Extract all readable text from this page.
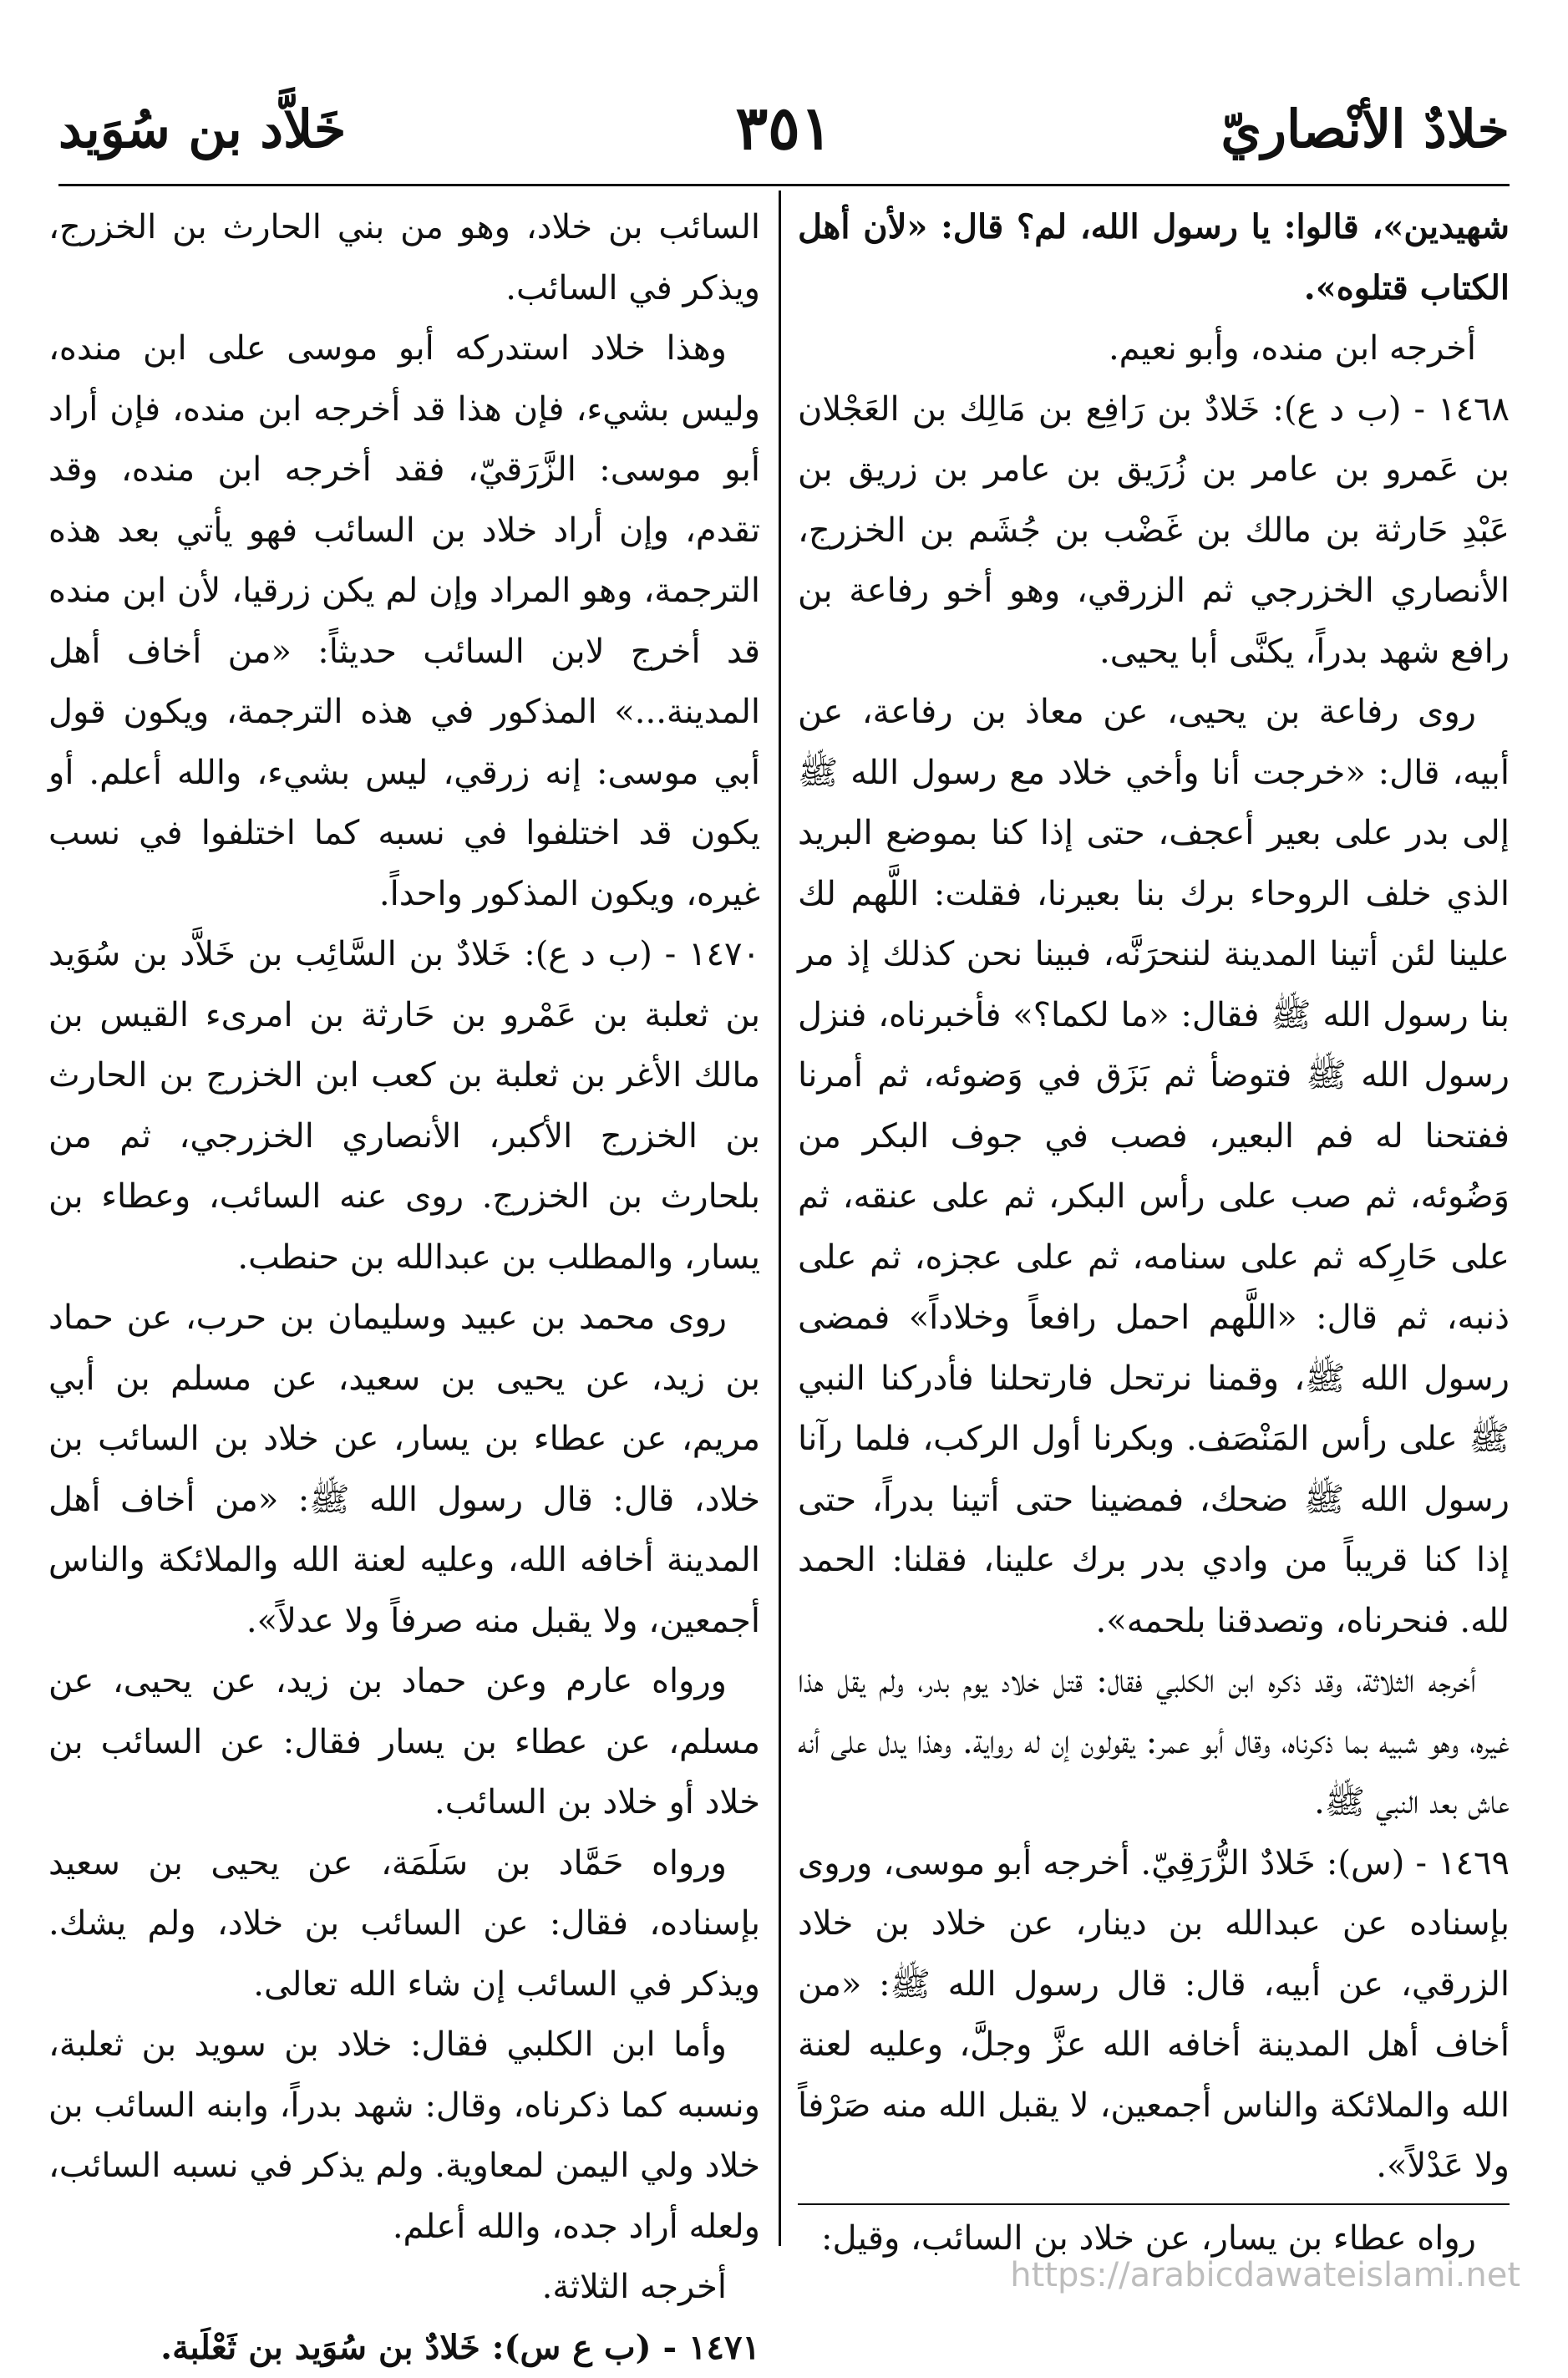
خلادٌ الأنْصاريّ
٣٥١
خَلاَّد بن سُوَيد

شهيدين»، قالوا: يا رسول الله، لم؟ قال: «لأن أهل الكتاب قتلوه».

أخرجه ابن منده، وأبو نعيم.

١٤٦٨ - (ب د ع): خَلادٌ بن رَافِع بن مَالِك بن العَجْلان بن عَمرو بن عامر بن زُرَيق بن عامر بن زريق بن عَبْدِ حَارثة بن مالك بن غَضْب بن جُشَم بن الخزرج، الأنصاري الخزرجي ثم الزرقي، وهو أخو رفاعة بن رافع شهد بدراً، يكنَّى أبا يحيى.

روى رفاعة بن يحيى، عن معاذ بن رفاعة، عن أبيه، قال: «خرجت أنا وأخي خلاد مع رسول الله ﷺ إلى بدر على بعير أعجف، حتى إذا كنا بموضع البريد الذي خلف الروحاء برك بنا بعيرنا، فقلت: اللَّهم لك علينا لئن أتينا المدينة لننحرَنَّه، فبينا نحن كذلك إذ مر بنا رسول الله ﷺ فقال: «ما لكما؟» فأخبرناه، فنزل رسول الله ﷺ فتوضأ ثم بَزَق في وَضوئه، ثم أمرنا ففتحنا له فم البعير، فصب في جوف البكر من وَضُوئه، ثم صب على رأس البكر، ثم على عنقه، ثم على حَارِكه ثم على سنامه، ثم على عجزه، ثم على ذنبه، ثم قال: «اللَّهم احمل رافعاً وخلاداً» فمضى رسول الله ﷺ، وقمنا نرتحل فارتحلنا فأدركنا النبي ﷺ على رأس المَنْصَف. وبكرنا أول الركب، فلما رآنا رسول الله ﷺ ضحك، فمضينا حتى أتينا بدراً، حتى إذا كنا قريباً من وادي بدر برك علينا، فقلنا: الحمد لله. فنحرناه، وتصدقنا بلحمه».

أخرجه الثلاثة، وقد ذكره ابن الكلبي فقال: قتل خلاد يوم بدر، ولم يقل هذا غيره، وهو شبيه بما ذكرناه، وقال أبو عمر: يقولون إن له رواية. وهذا يدل على أنه عاش بعد النبي ﷺ.

١٤٦٩ - (س): خَلادٌ الزُّرَقِيّ. أخرجه أبو موسى، وروى بإسناده عن عبدالله بن دينار، عن خلاد بن خلاد الزرقي، عن أبيه، قال: قال رسول الله ﷺ: «من أخاف أهل المدينة أخافه الله عزَّ وجلَّ، وعليه لعنة الله والملائكة والناس أجمعين، لا يقبل الله منه صَرْفاً ولا عَدْلاً».

رواه عطاء بن يسار، عن خلاد بن السائب، وقيل:

السائب بن خلاد، وهو من بني الحارث بن الخزرج، ويذكر في السائب.

وهذا خلاد استدركه أبو موسى على ابن منده، وليس بشيء، فإن هذا قد أخرجه ابن منده، فإن أراد أبو موسى: الزَّرَقيّ، فقد أخرجه ابن منده، وقد تقدم، وإن أراد خلاد بن السائب فهو يأتي بعد هذه الترجمة، وهو المراد وإن لم يكن زرقيا، لأن ابن منده قد أخرج لابن السائب حديثاً: «من أخاف أهل المدينة...» المذكور في هذه الترجمة، ويكون قول أبي موسى: إنه زرقي، ليس بشيء، والله أعلم. أو يكون قد اختلفوا في نسبه كما اختلفوا في نسب غيره، ويكون المذكور واحداً.

١٤٧٠ - (ب د ع): خَلادٌ بن السَّائِب بن خَلاَّد بن سُوَيد بن ثعلبة بن عَمْرو بن حَارثة بن امرىء القيس بن مالك الأغر بن ثعلبة بن كعب ابن الخزرج بن الحارث بن الخزرج الأكبر، الأنصاري الخزرجي، ثم من بلحارث بن الخزرج. روى عنه السائب، وعطاء بن يسار، والمطلب بن عبدالله بن حنطب.

روى محمد بن عبيد وسليمان بن حرب، عن حماد بن زيد، عن يحيى بن سعيد، عن مسلم بن أبي مريم، عن عطاء بن يسار، عن خلاد بن السائب بن خلاد، قال: قال رسول الله ﷺ: «من أخاف أهل المدينة أخافه الله، وعليه لعنة الله والملائكة والناس أجمعين، ولا يقبل منه صرفاً ولا عدلاً».

ورواه عارم وعن حماد بن زيد، عن يحيى، عن مسلم، عن عطاء بن يسار فقال: عن السائب بن خلاد أو خلاد بن السائب.

ورواه حَمَّاد بن سَلَمَة، عن يحيى بن سعيد بإسناده، فقال: عن السائب بن خلاد، ولم يشك. ويذكر في السائب إن شاء الله تعالى.

وأما ابن الكلبي فقال: خلاد بن سويد بن ثعلبة، ونسبه كما ذكرناه، وقال: شهد بدراً، وابنه السائب بن خلاد ولي اليمن لمعاوية. ولم يذكر في نسبه السائب، ولعله أراد جده، والله أعلم.

أخرجه الثلاثة.

١٤٧١ - (ب ع س): خَلادٌ بن سُوَيد بن ثَعْلَبة.

https://arabicdawateislami.net
